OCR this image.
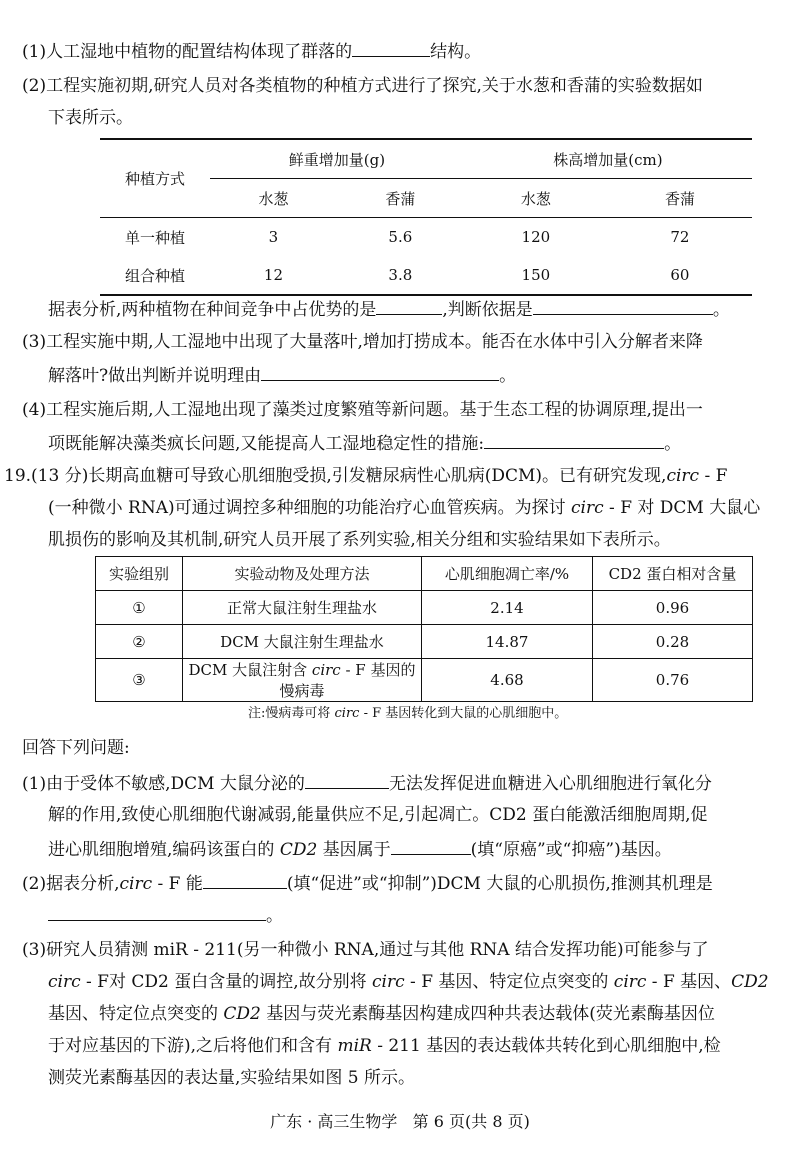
(1)人工湿地中植物的配置结构体现了群落的	结构。
(2)工程实施初期,研究人员对各类植物的种植方式进行了探究,关于水葱和香蒲的实验数据如
下表所示。
种植方式	鲜重增加量(g)		株高增加量(cm)	
	水葱	香蒲	水葱	香蒲
单一种植	3	5.6	120	72
组合种植	12	3.8	150	60
据表分析,两种植物在种间竞争中占优势的是	,判断依据是	。
(3)工程实施中期,人工湿地中出现了大量落叶,增加打捞成本。能否在水体中引入分解者来降
解落叶?做出判断并说明理由	。
(4)工程实施后期,人工湿地出现了藻类过度繁殖等新问题。基于生态工程的协调原理,提出一
项既能解决藻类疯长问题,又能提高人工湿地稳定性的措施:	。
19.(13 分)长期高血糖可导致心肌细胞受损,引发糖尿病性心肌病(DCM)。已有研究发现,circ - F
(一种微小 RNA)可通过调控多种细胞的功能治疗心血管疾病。为探讨 circ - F 对 DCM 大鼠心
肌损伤的影响及其机制,研究人员开展了系列实验,相关分组和实验结果如下表所示。
实验组别	实验动物及处理方法	心肌细胞凋亡率/%	CD2 蛋白相对含量
①	正常大鼠注射生理盐水	2.14	0.96
②	DCM 大鼠注射生理盐水	14.87	0.28
③	DCM 大鼠注射含 circ - F 基因的慢病毒	4.68	0.76
注:慢病毒可将 circ - F 基因转化到大鼠的心肌细胞中。
回答下列问题:
(1)由于受体不敏感,DCM 大鼠分泌的	无法发挥促进血糖进入心肌细胞进行氧化分
解的作用,致使心肌细胞代谢减弱,能量供应不足,引起凋亡。CD2 蛋白能激活细胞周期,促
进心肌细胞增殖,编码该蛋白的 CD2 基因属于	(填“原癌”或“抑癌”)基因。
(2)据表分析,circ - F 能	(填“促进”或“抑制”)DCM 大鼠的心肌损伤,推测其机理是
。
(3)研究人员猜测 miR - 211(另一种微小 RNA,通过与其他 RNA 结合发挥功能)可能参与了
circ - F对 CD2 蛋白含量的调控,故分别将 circ - F 基因、特定位点突变的 circ - F 基因、CD2
基因、特定位点突变的 CD2 基因与荧光素酶基因构建成四种共表达载体(荧光素酶基因位
于对应基因的下游),之后将他们和含有 miR - 211 基因的表达载体共转化到心肌细胞中,检
测荧光素酶基因的表达量,实验结果如图 5 所示。
广东 · 高三生物学   第 6 页(共 8 页)
